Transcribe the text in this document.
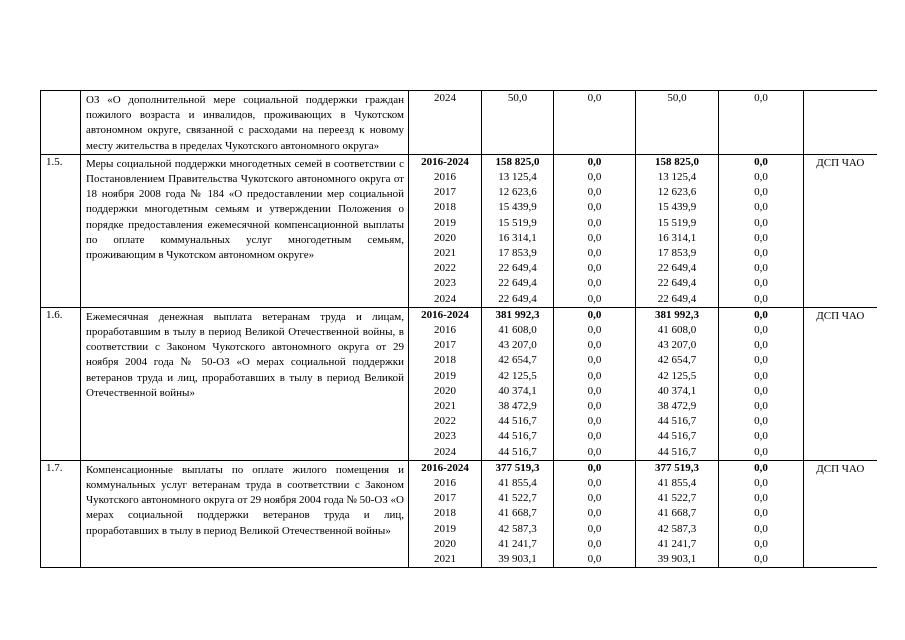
	ОЗ «О дополнительной мере социальной поддержки граждан пожилого возраста и инвалидов, проживающих в Чукотском автономном округе, связанной с расходами на переезд к новому месту жительства в пределах Чукотского автономного округа»	2024	50,0	0,0	50,0	0,0	
1.5.	Меры социальной поддержки многодетных семей в соответствии с Постановлением Правительства Чукотского автономного округа от 18 ноября 2008 года № 184 «О предоставлении мер социальной поддержки многодетным семьям и утверждении Положения о порядке предоставления ежемесячной компенсационной выплаты по оплате коммунальных услуг многодетным семьям, проживающим в Чукотском автономном округе»	2016-2024	158 825,0	0,0	158 825,0	0,0	ДСП ЧАО
		2016	13 125,4	0,0	13 125,4	0,0	
		2017	12 623,6	0,0	12 623,6	0,0	
		2018	15 439,9	0,0	15 439,9	0,0	
		2019	15 519,9	0,0	15 519,9	0,0	
		2020	16 314,1	0,0	16 314,1	0,0	
		2021	17 853,9	0,0	17 853,9	0,0	
		2022	22 649,4	0,0	22 649,4	0,0	
		2023	22 649,4	0,0	22 649,4	0,0	
		2024	22 649,4	0,0	22 649,4	0,0	
1.6.	Ежемесячная денежная выплата ветеранам труда и лицам, проработавшим в тылу в период Великой Отечественной войны, в соответствии с Законом Чукотского автономного округа от 29 ноября 2004 года № 50-ОЗ «О мерах социальной поддержки ветеранов труда и лиц, проработавших в тылу в период Великой Отечественной войны»	2016-2024	381 992,3	0,0	381 992,3	0,0	ДСП ЧАО
		2016	41 608,0	0,0	41 608,0	0,0	
		2017	43 207,0	0,0	43 207,0	0,0	
		2018	42 654,7	0,0	42 654,7	0,0	
		2019	42 125,5	0,0	42 125,5	0,0	
		2020	40 374,1	0,0	40 374,1	0,0	
		2021	38 472,9	0,0	38 472,9	0,0	
		2022	44 516,7	0,0	44 516,7	0,0	
		2023	44 516,7	0,0	44 516,7	0,0	
		2024	44 516,7	0,0	44 516,7	0,0	
1.7.	Компенсационные выплаты по оплате жилого помещения и коммунальных услуг ветеранам труда в соответствии с Законом Чукотского автономного округа от 29 ноября 2004 года № 50-ОЗ «О мерах социальной поддержки ветеранов труда и лиц, проработавших в тылу в период Великой Отечественной войны»	2016-2024	377 519,3	0,0	377 519,3	0,0	ДСП ЧАО
		2016	41 855,4	0,0	41 855,4	0,0	
		2017	41 522,7	0,0	41 522,7	0,0	
		2018	41 668,7	0,0	41 668,7	0,0	
		2019	42 587,3	0,0	42 587,3	0,0	
		2020	41 241,7	0,0	41 241,7	0,0	
		2021	39 903,1	0,0	39 903,1	0,0	
